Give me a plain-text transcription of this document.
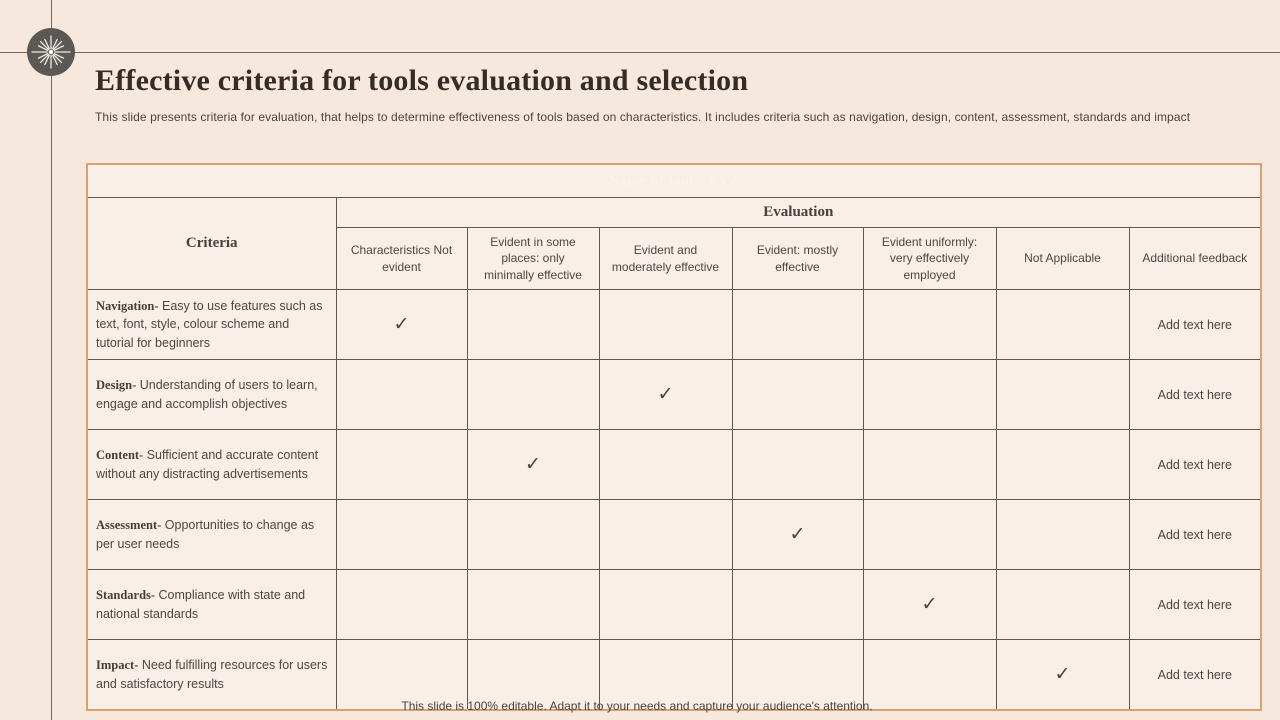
Effective criteria for tools evaluation and selection
This slide presents criteria for evaluation, that helps to determine effectiveness of tools based on characteristics. It includes criteria such as navigation, design, content, assessment, standards and impact
Name of tool - XYZ							
Criteria	Evaluation						
	Characteristics Not evident	Evident in some places: only minimally effective	Evident and moderately effective	Evident: mostly effective	Evident uniformly: very effectively employed	Not Applicable	Additional feedback
Navigation- Easy to use features such as text, font, style, colour scheme and tutorial for beginners	✓						Add text here
Design- Understanding of users to learn, engage and accomplish objectives			✓				Add text here
Content- Sufficient and accurate content without any distracting advertisements		✓					Add text here
Assessment- Opportunities to change as per user needs				✓			Add text here
Standards- Compliance with state and national standards					✓		Add text here
Impact- Need fulfilling resources for users and satisfactory results						✓	Add text here
This slide is 100% editable. Adapt it to your needs and capture your audience's attention.
